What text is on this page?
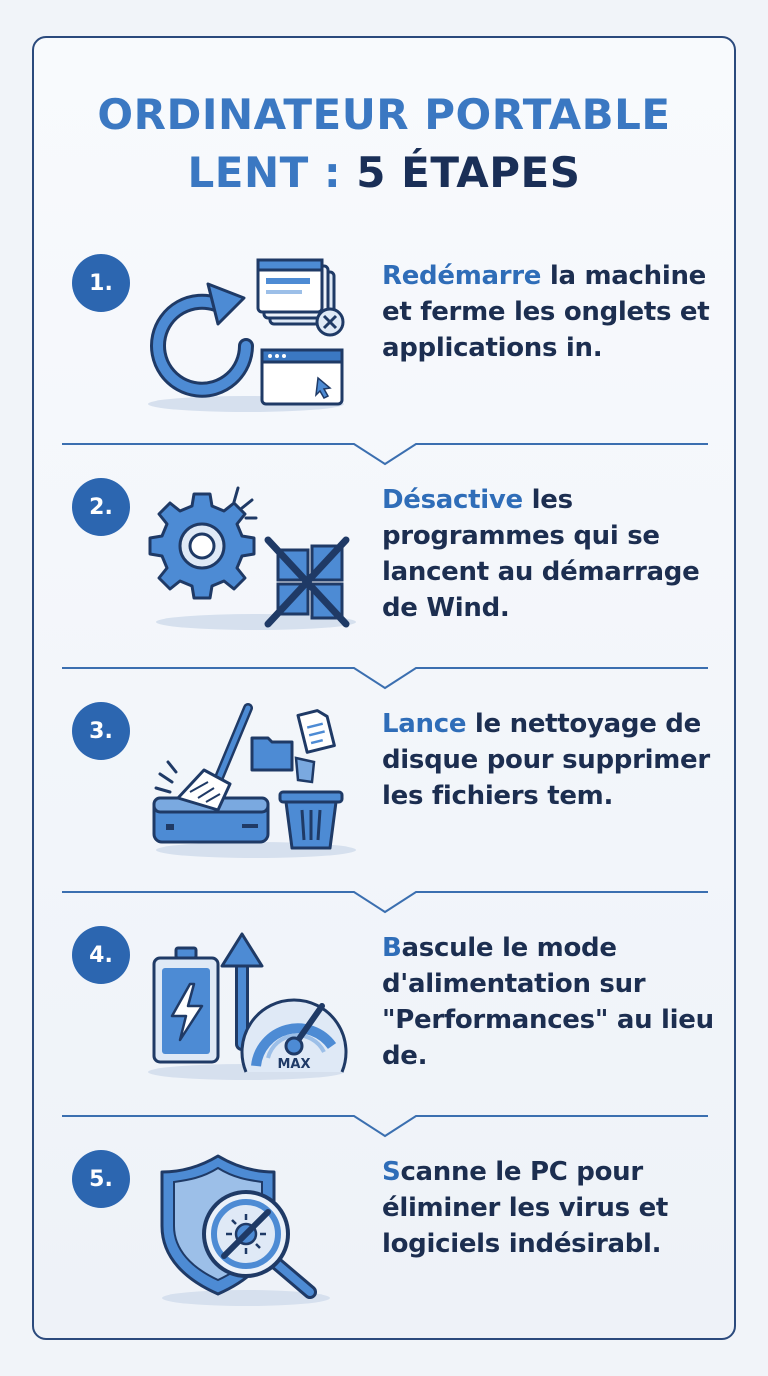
ORDINATEUR PORTABLE
LENT : 5 ÉTAPES
1.	Redémarre la machine et ferme les onglets et applications in.
2.	Désactive les programmes qui se lancent au démarrage de Wind.
3.	Lance le nettoyage de disque pour supprimer les fichiers tem.
4.
MAX
Bascule le mode d'alimentation sur "Performances" au lieu de.
5.	Scanne le PC pour éliminer les virus et logiciels indésirabl.
